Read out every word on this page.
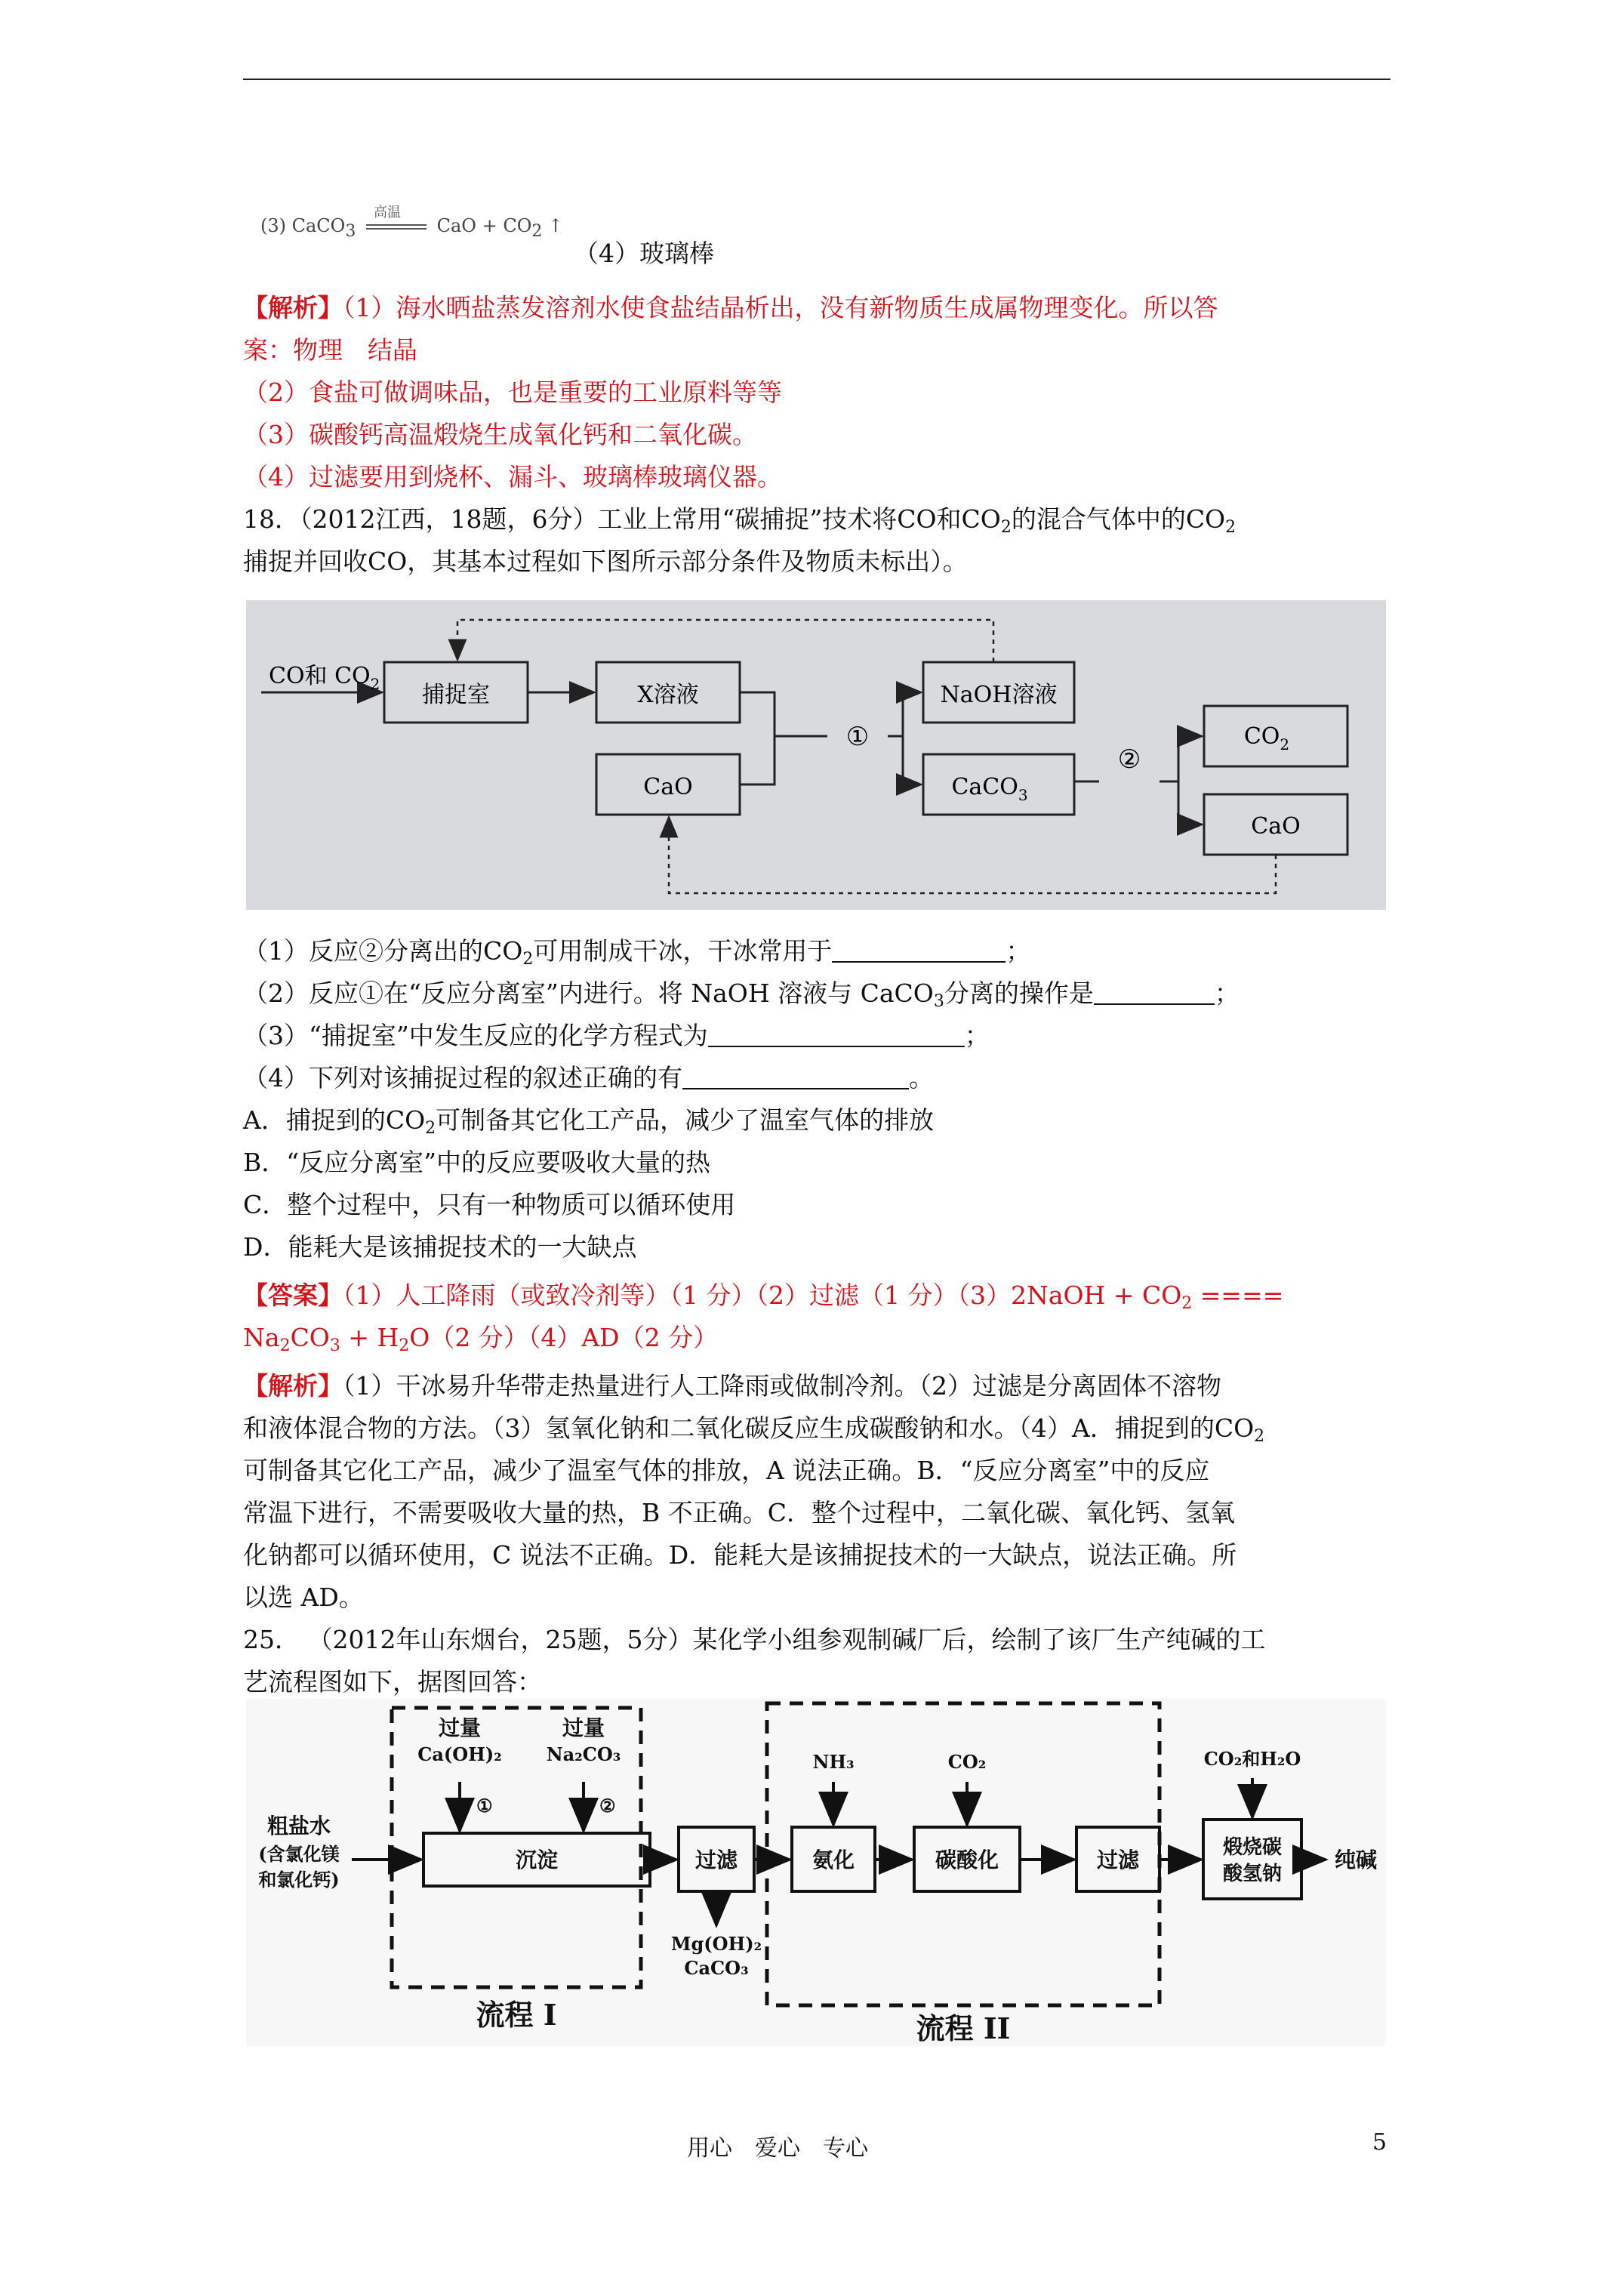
(3) CaCO$_3$
高温
CaO + $CO_2$ ↑
（4）玻璃棒
【解析】（1）海水晒盐蒸发溶剂水使食盐结晶析出，没有新物质生成属物理变化。所以答
案：物理　结晶
（2）食盐可做调味品，也是重要的工业原料等等
（3）碳酸钙高温煅烧生成氧化钙和二氧化碳。
（4）过滤要用到烧杯、漏斗、玻璃棒玻璃仪器。
18．（2012江西，18题，6分）工业上常用“碳捕捉”技术将CO和$CO_2$的混合气体中的$CO_2$
捕捉并回收CO，其基本过程如下图所示部分条件及物质未标出）。
CO和 $CO_2$ 捕捉室	X溶液
CaO
①
NaOH溶液
CaCO$_3$
②
$CO_2$
CaO
（1）反应②分离出的$CO_2$可用制成干冰，干冰常用于	；
（2）反应①在“反应分离室”内进行。将 NaOH 溶液与 CaCO$_3$分离的操作是	；
（3）“捕捉室”中发生反应的化学方程式为	；
（4）下列对该捕捉过程的叙述正确的有	。
A．捕捉到的$CO_2$可制备其它化工产品，减少了温室气体的排放
B．“反应分离室”中的反应要吸收大量的热
C．整个过程中，只有一种物质可以循环使用
D．能耗大是该捕捉技术的一大缺点
【答案】（1）人工降雨（或致冷剂等）（1 分）（2）过滤（1 分）（3）2NaOH + $CO_2$ ====
$Na_2CO_3 + H_2O(2$ 分）（4）AD（2 分）
【解析】（1）干冰易升华带走热量进行人工降雨或做制冷剂。（2）过滤是分离固体不溶物
和液体混合物的方法。（3）氢氧化钠和二氧化碳反应生成碳酸钠和水。（4）A．捕捉到的$CO_2$
可制备其它化工产品，减少了温室气体的排放，A 说法正确。B．“反应分离室”中的反应
常温下进行，不需要吸收大量的热，B 不正确。C．整个过程中，二氧化碳、氧化钙、氢氧
化钠都可以循环使用，C 说法不正确。D．能耗大是该捕捉技术的一大缺点，说法正确。所
以选 AD。
25． （2012年山东烟台，25题，5分）某化学小组参观制碱厂后，绘制了该厂生产纯碱的工
艺流程图如下，据图回答：
过量
Ca(OH)₂
①
过量
Na₂CO₃
②
粗盐水
(含氯化镁
和氯化钙)
沉淀	过滤
Mg(OH)₂
CaCO₃
流程 I
NH₃	CO₂
氨化	碳酸化	过滤
CO₂和H₂O
煅烧碳
酸氢钠
纯碱
流程 II
用心　爱心　专心	5
